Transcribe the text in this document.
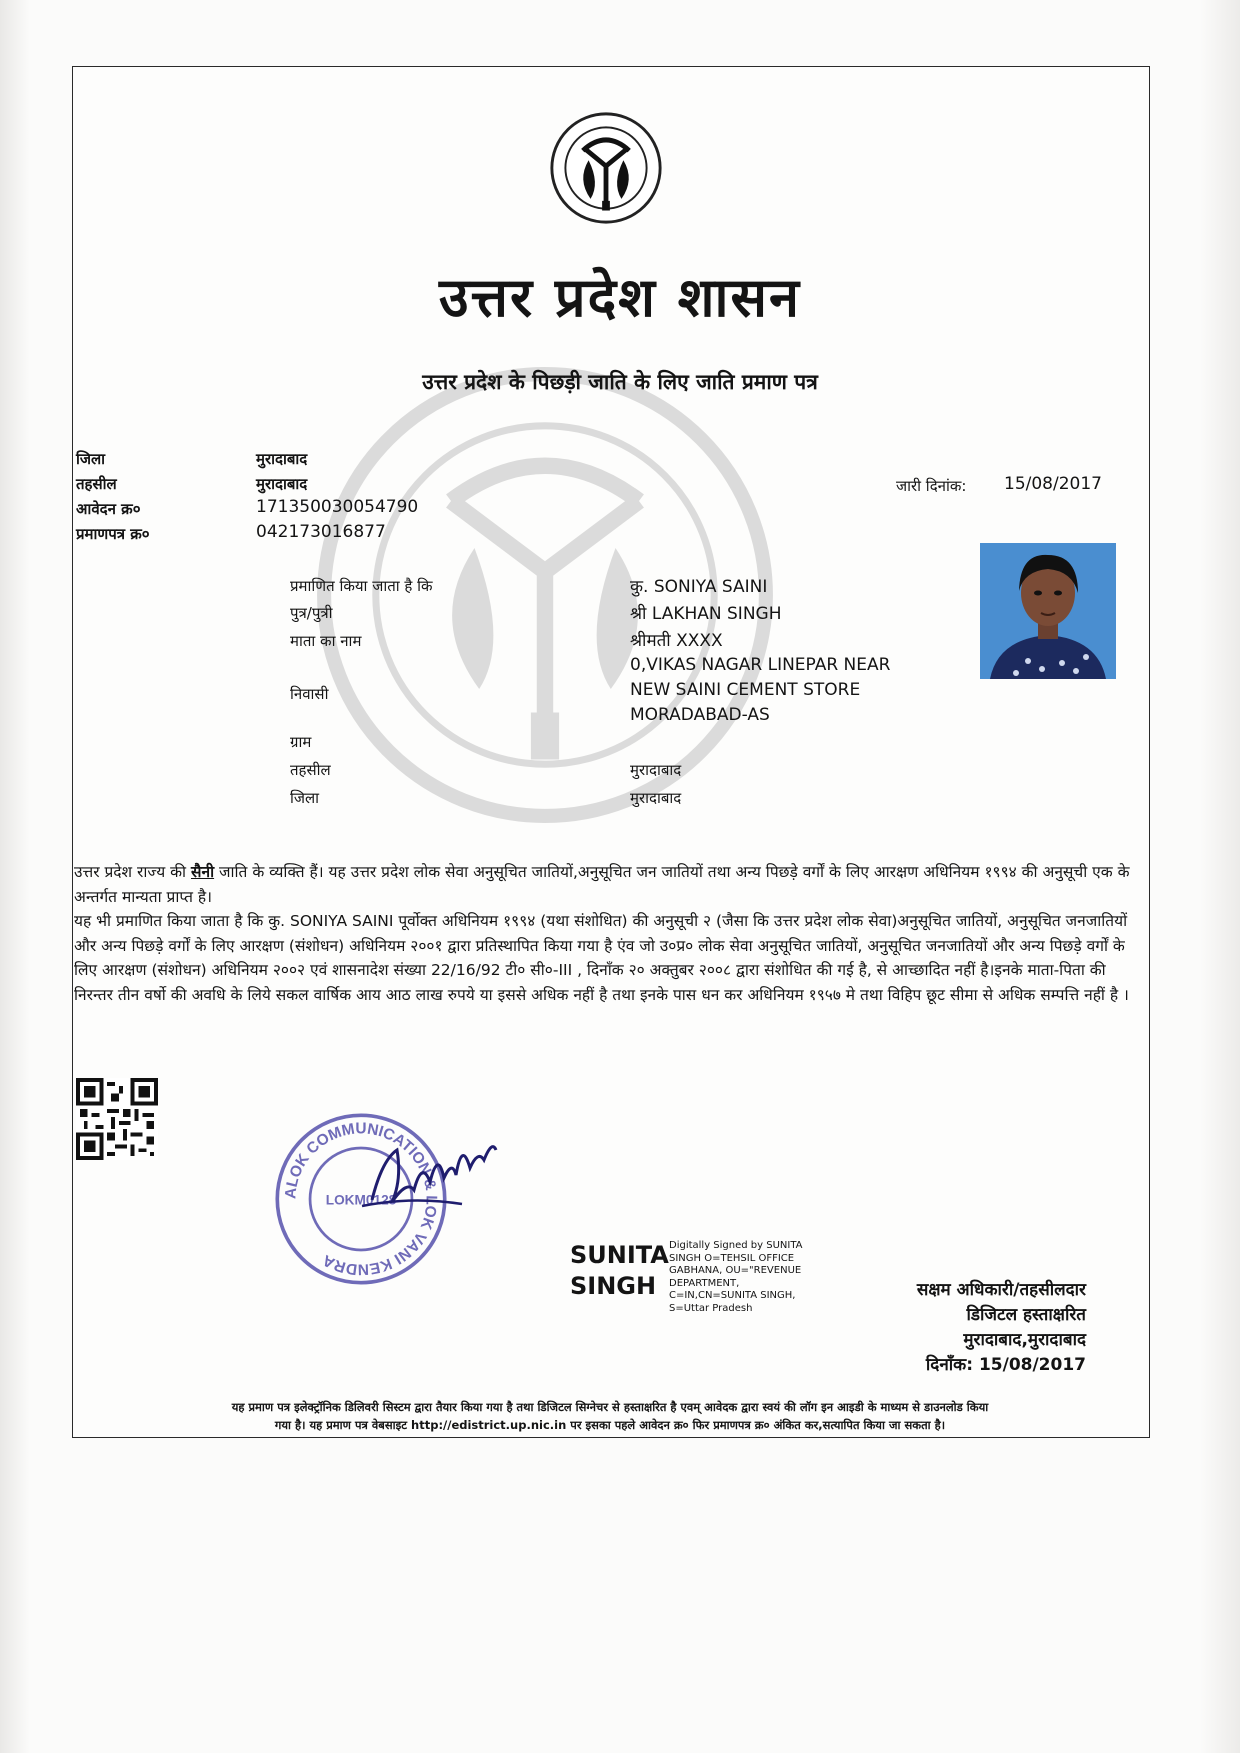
उत्तर प्रदेश शासन
उत्तर प्रदेश के पिछड़ी जाति के लिए जाति प्रमाण पत्र
जिला	मुरादाबाद
तहसील	मुरादाबाद
आवेदन क्र०	171350030054790
प्रमाणपत्र क्र०	042173016877
जारी दिनांक: 15/08/2017
प्रमाणित किया जाता है कि	कु. SONIYA SAINI
पुत्र/पुत्री	श्री LAKHAN SINGH
माता का नाम	श्रीमती XXXX
0,VIKAS NAGAR LINEPAR NEAR
निवासी	NEW SAINI CEMENT STORE
MORADABAD-AS
ग्राम
तहसील	मुरादाबाद
जिला	मुरादाबाद

उत्तर प्रदेश राज्य की सैनी जाति के व्यक्ति हैं। यह उत्तर प्रदेश लोक सेवा अनुसूचित जातियों,अनुसूचित जन जातियों तथा अन्य पिछड़े वर्गों के लिए आरक्षण अधिनियम १९९४ की अनुसूची एक के अन्तर्गत मान्यता प्राप्त है।

यह भी प्रमाणित किया जाता है कि कु. SONIYA SAINI पूर्वोक्त अधिनियम १९९४ (यथा संशोधित) की अनुसूची २ (जैसा कि उत्तर प्रदेश लोक सेवा)अनुसूचित जातियों, अनुसूचित जनजातियों और अन्य पिछड़े वर्गों के लिए आरक्षण (संशोधन) अधिनियम २००१ द्वारा प्रतिस्थापित किया गया है एंव जो उ०प्र० लोक सेवा अनुसूचित जातियों, अनुसूचित जनजातियों और अन्य पिछड़े वर्गों के लिए आरक्षण (संशोधन) अधिनियम २००२ एवं शासनादेश संख्या 22/16/92 टी० सी०-III , दिनाँक २० अक्तुबर २००८ द्वारा संशोधित की गई है, से आच्छादित नहीं है।इनके माता-पिता की निरन्तर तीन वर्षो की अवधि के लिये सकल वार्षिक आय आठ लाख रुपये या इससे अधिक नहीं है तथा इनके पास धन कर अधिनियम १९५७ मे तथा विहिप छूट सीमा से अधिक सम्पत्ति नहीं है ।

ALOK COMMUNICATION & LOK VANI KENDRA
LOKM0128
SUNITA
SINGH
Digitally Signed by SUNITA
SINGH O=TEHSIL OFFICE
GABHANA, OU="REVENUE
DEPARTMENT,
C=IN,CN=SUNITA SINGH,
S=Uttar Pradesh
सक्षम अधिकारी/तहसीलदार
डिजिटल हस्ताक्षरित
मुरादाबाद,मुरादाबाद
दिनाँक: 15/08/2017
यह प्रमाण पत्र इलेक्ट्रॉनिक डिलिवरी सिस्टम द्वारा तैयार किया गया है तथा डिजिटल सिग्नेचर से हस्ताक्षरित है एवम् आवेदक द्वारा स्वयं की लॉग इन आइडी के माध्यम से डाउनलोड किया
गया है। यह प्रमाण पत्र वेबसाइट http://edistrict.up.nic.in पर इसका पहले आवेदन क्र० फिर प्रमाणपत्र क्र० अंकित कर,सत्यापित किया जा सकता है।
